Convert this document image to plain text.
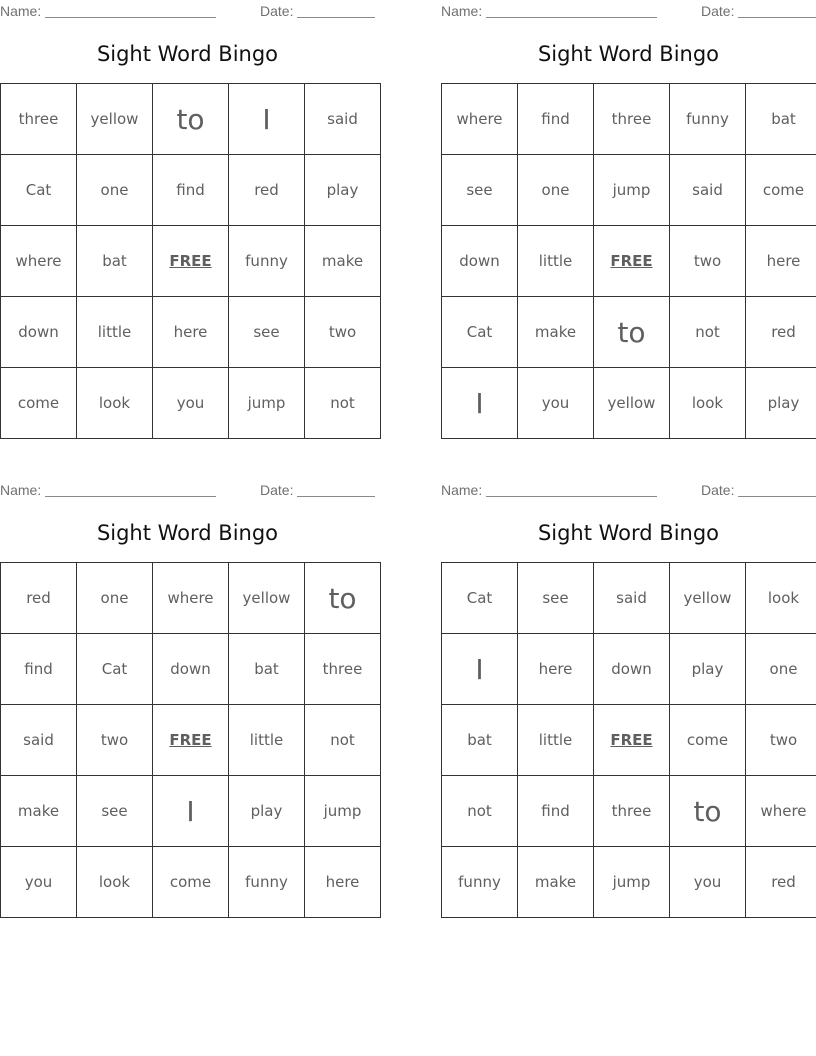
Name:	Date:
Sight Word Bingo
three	yellow	to	I	said
Cat	one	find	red	play
where	bat	FREE	funny	make
down	little	here	see	two
come	look	you	jump	not
Name:	Date:
Sight Word Bingo
where	find	three	funny	bat
see	one	jump	said	come
down	little	FREE	two	here
Cat	make	to	not	red
I	you	yellow	look	play
Name:	Date:
Sight Word Bingo
red	one	where	yellow	to
find	Cat	down	bat	three
said	two	FREE	little	not
make	see	I	play	jump
you	look	come	funny	here
Name:	Date:
Sight Word Bingo
Cat	see	said	yellow	look
I	here	down	play	one
bat	little	FREE	come	two
not	find	three	to	where
funny	make	jump	you	red
